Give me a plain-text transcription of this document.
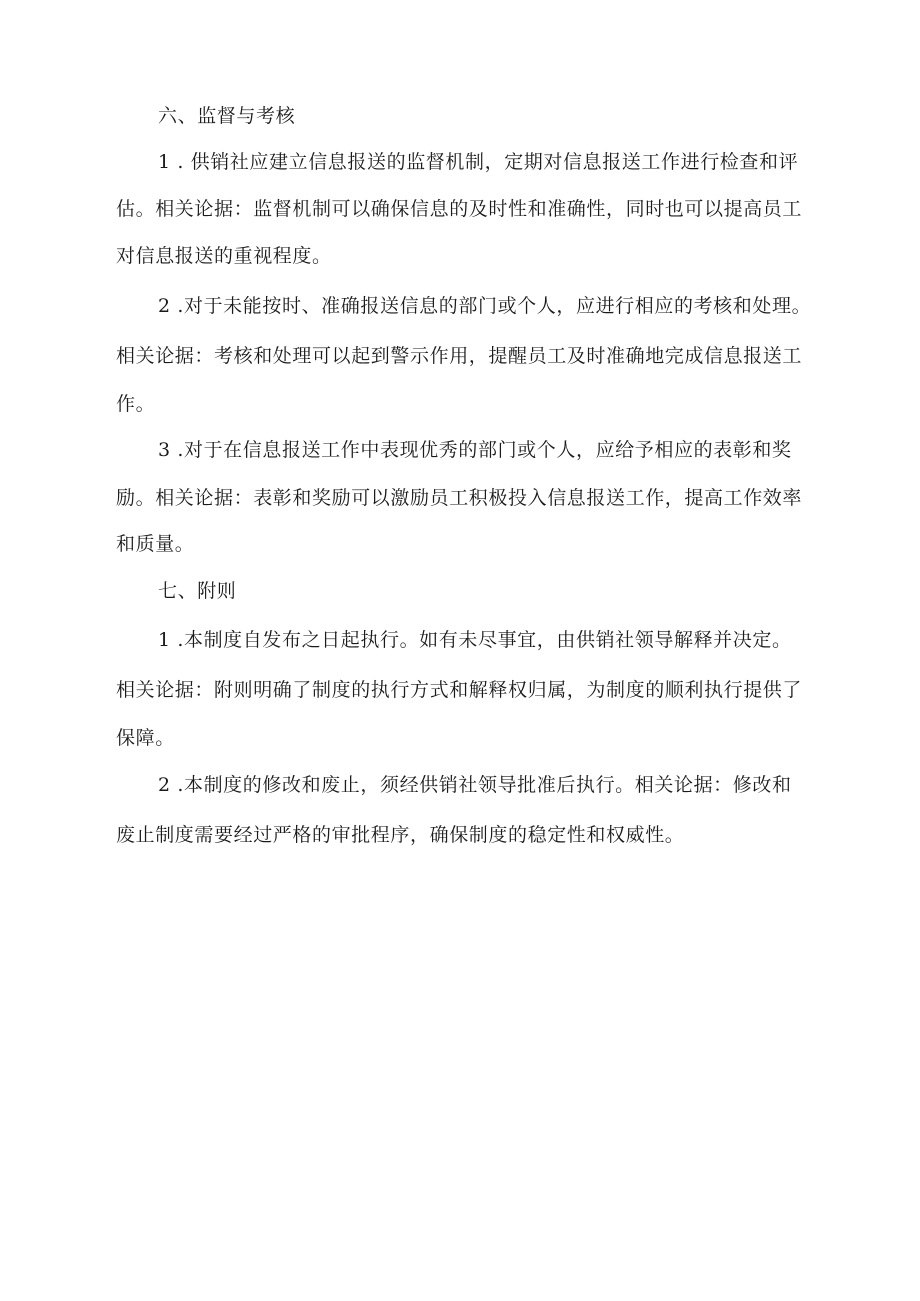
六、监督与考核
1 . 供销社应建立信息报送的监督机制，定期对信息报送工作进行检查和评
估。相关论据：监督机制可以确保信息的及时性和准确性，同时也可以提高员工
对信息报送的重视程度。
2 .对于未能按时、准确报送信息的部门或个人，应进行相应的考核和处理。
相关论据：考核和处理可以起到警示作用，提醒员工及时准确地完成信息报送工
作。
3 .对于在信息报送工作中表现优秀的部门或个人，应给予相应的表彰和奖
励。相关论据：表彰和奖励可以激励员工积极投入信息报送工作，提高工作效率
和质量。
七、附则
1 .本制度自发布之日起执行。如有未尽事宜，由供销社领导解释并决定。
相关论据：附则明确了制度的执行方式和解释权归属，为制度的顺利执行提供了
保障。
2 .本制度的修改和废止，须经供销社领导批准后执行。相关论据：修改和
废止制度需要经过严格的审批程序，确保制度的稳定性和权威性。
